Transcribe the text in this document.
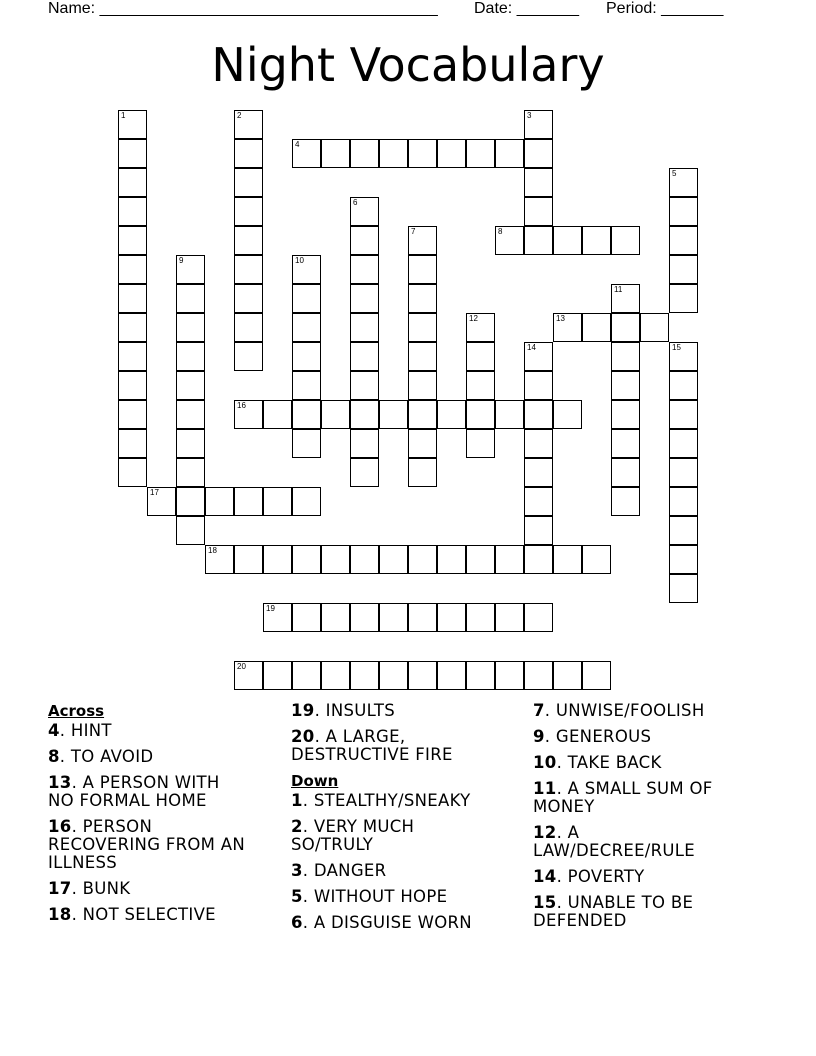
Name: ______________________________________ Date: _______ Period: _______
Night Vocabulary
1	2	3
4
5
6
7	8
9	10
11
12	13
14	15
16
17
18
19
20
Across
4. HINT
8. TO AVOID
13. A PERSON WITH NO FORMAL HOME
16. PERSON RECOVERING FROM AN ILLNESS
17. BUNK
18. NOT SELECTIVE
19. INSULTS
20. A LARGE, DESTRUCTIVE FIRE
Down
1. STEALTHY/SNEAKY
2. VERY MUCH SO/TRULY
3. DANGER
5. WITHOUT HOPE
6. A DISGUISE WORN
7. UNWISE/FOOLISH
9. GENEROUS
10. TAKE BACK
11. A SMALL SUM OF MONEY
12. A LAW/DECREE/RULE
14. POVERTY
15. UNABLE TO BE DEFENDED
